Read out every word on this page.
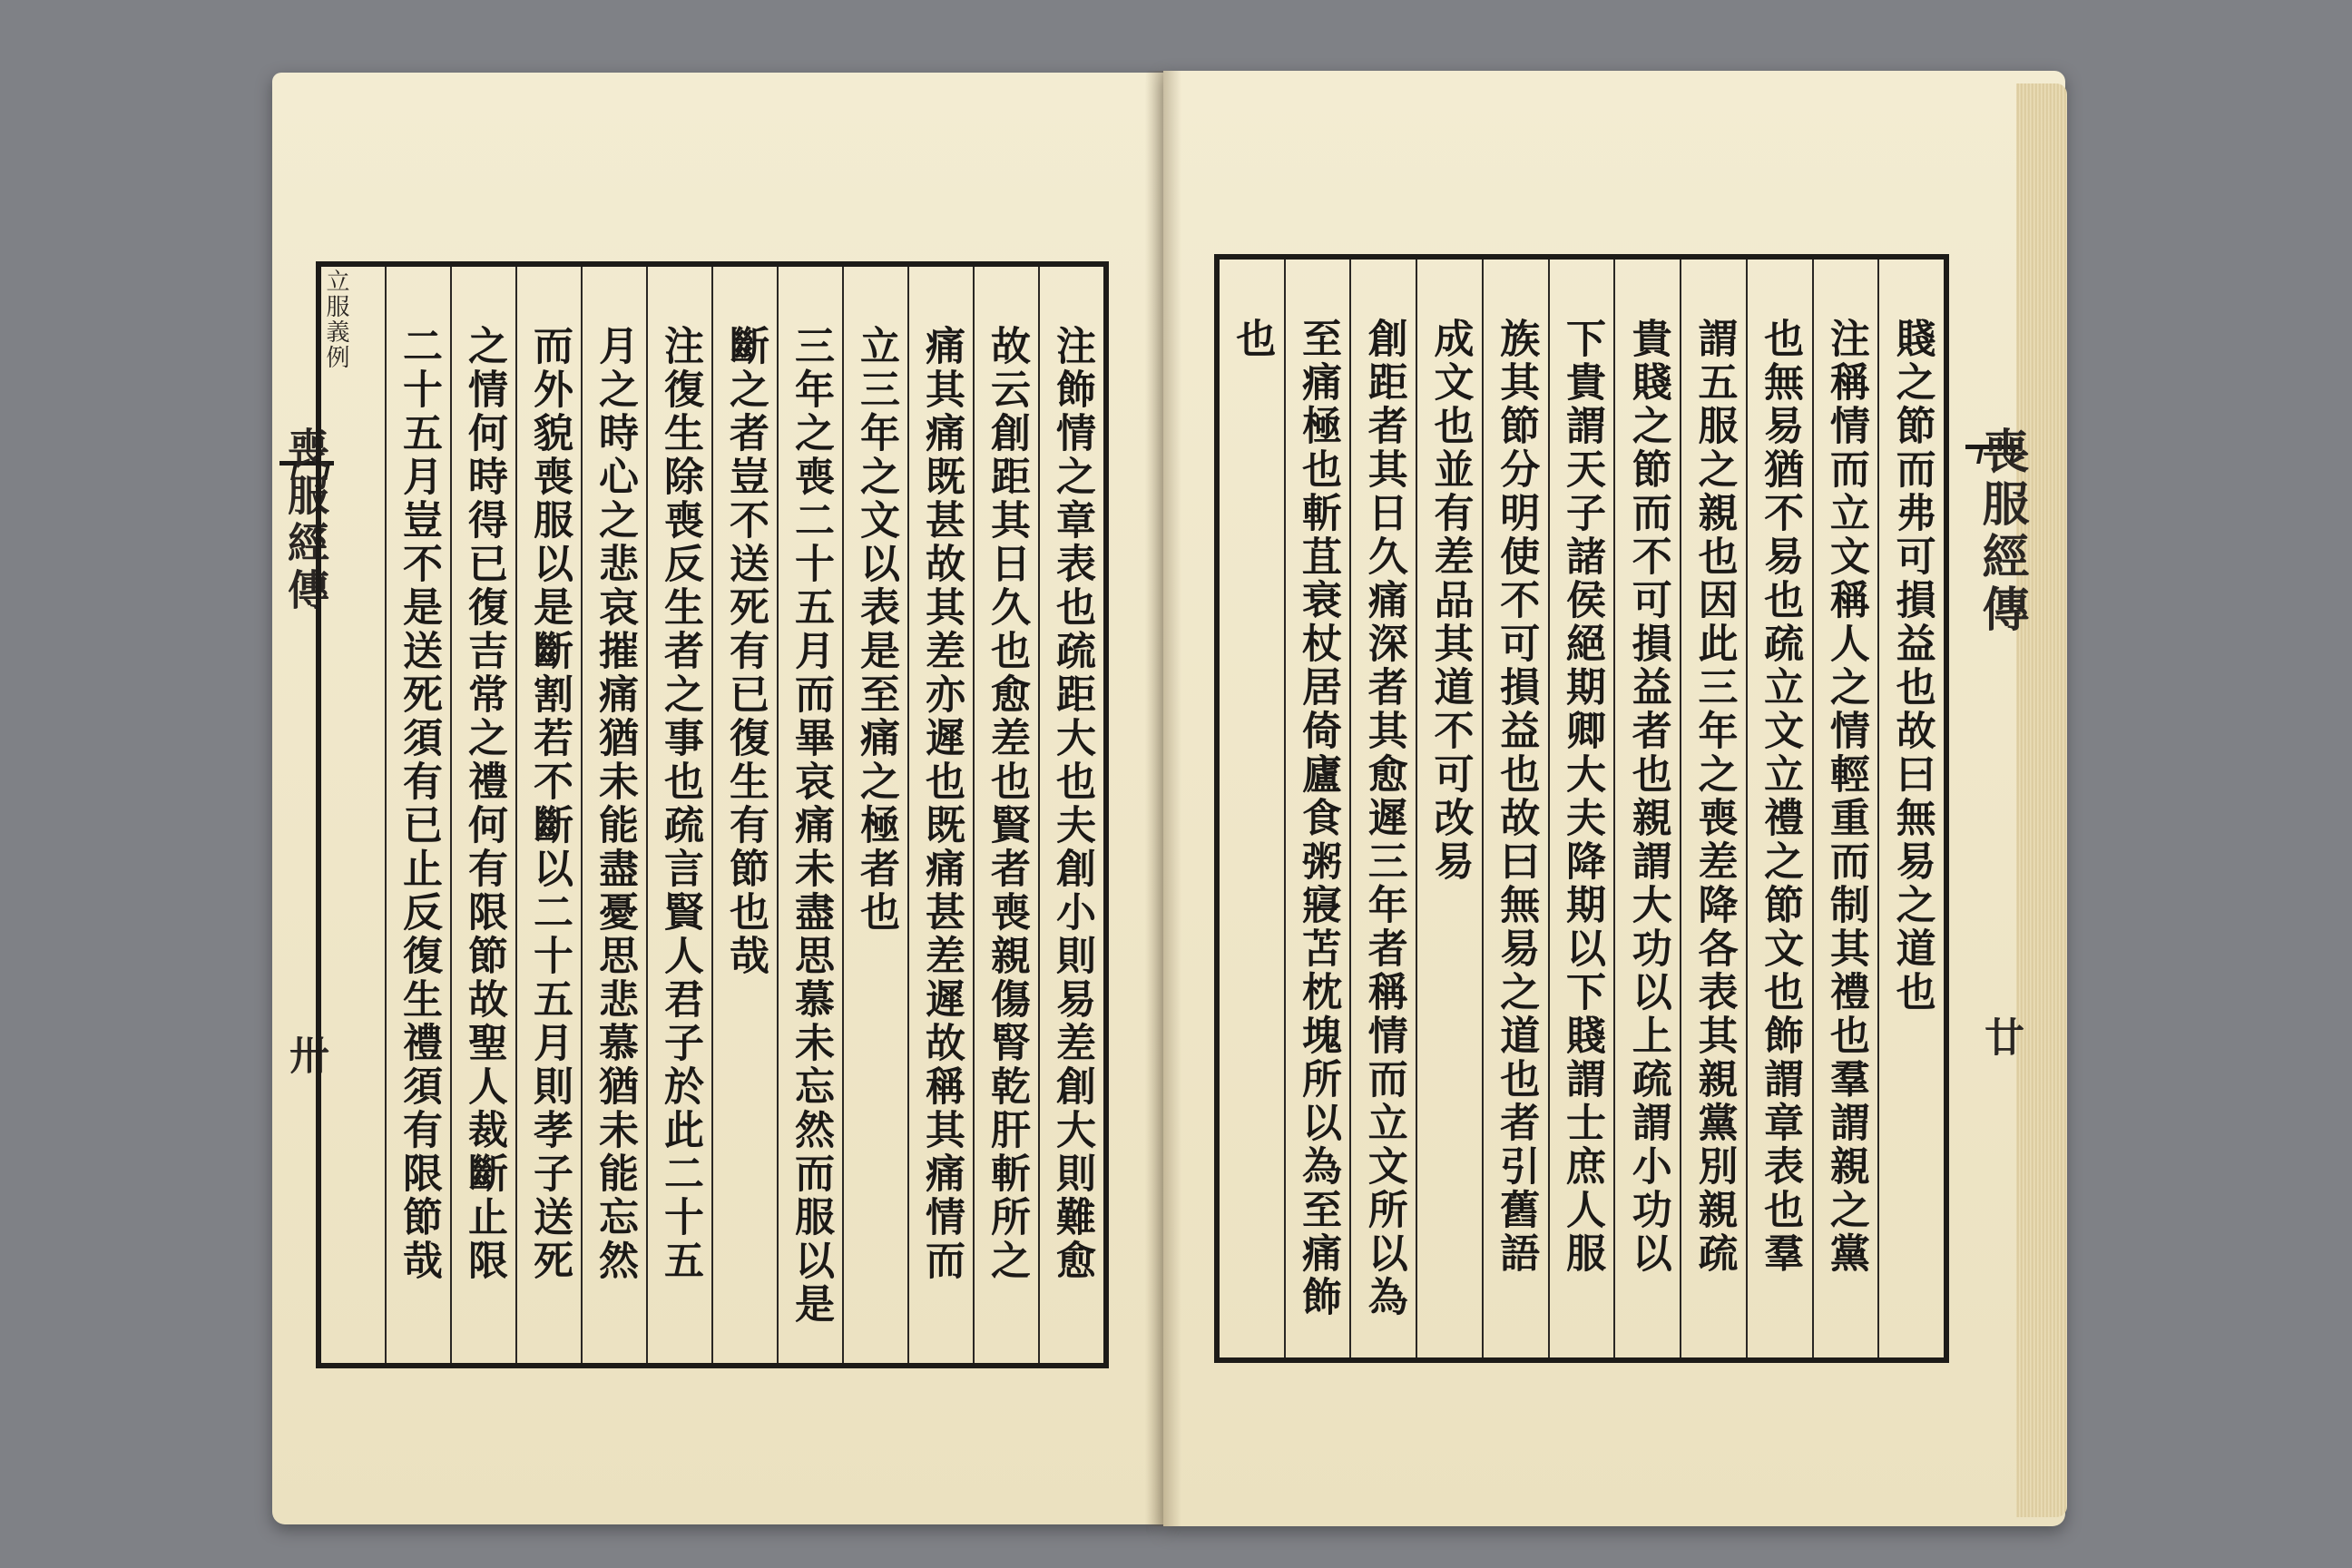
立服義例
喪服經傳
卅	注飾情之章表也疏距大也夫創小則易差創大則難愈
故云創距其日久也愈差也賢者喪親傷腎乾肝斬所之
痛其痛既甚故其差亦遲也既痛甚差遲故稱其痛情而
立三年之文以表是至痛之極者也
三年之喪二十五月而畢哀痛未盡思慕未忘然而服以是
斷之者豈不送死有已復生有節也哉
注復生除喪反生者之事也疏言賢人君子於此二十五
月之時心之悲哀摧痛猶未能盡憂思悲慕猶未能忘然
而外貌喪服以是斷割若不斷以二十五月則孝子送死
之情何時得已復吉常之禮何有限節故聖人裁斷止限
二十五月豈不是送死須有已止反復生禮須有限節哉	賤之節而弗可損益也故曰無易之道也
注稱情而立文稱人之情輕重而制其禮也羣謂親之黨
也無易猶不易也疏立文立禮之節文也飾謂章表也羣
謂五服之親也因此三年之喪差降各表其親黨別親疏
貴賤之節而不可損益者也親謂大功以上疏謂小功以
下貴謂天子諸侯絕期卿大夫降期以下賤謂士庶人服
族其節分明使不可損益也故曰無易之道也者引舊語
成文也並有差品其道不可改易
創距者其日久痛深者其愈遲三年者稱情而立文所以為
至痛極也斬苴衰杖居倚廬食粥寢苫枕塊所以為至痛飾
也
喪服經傳
廿
